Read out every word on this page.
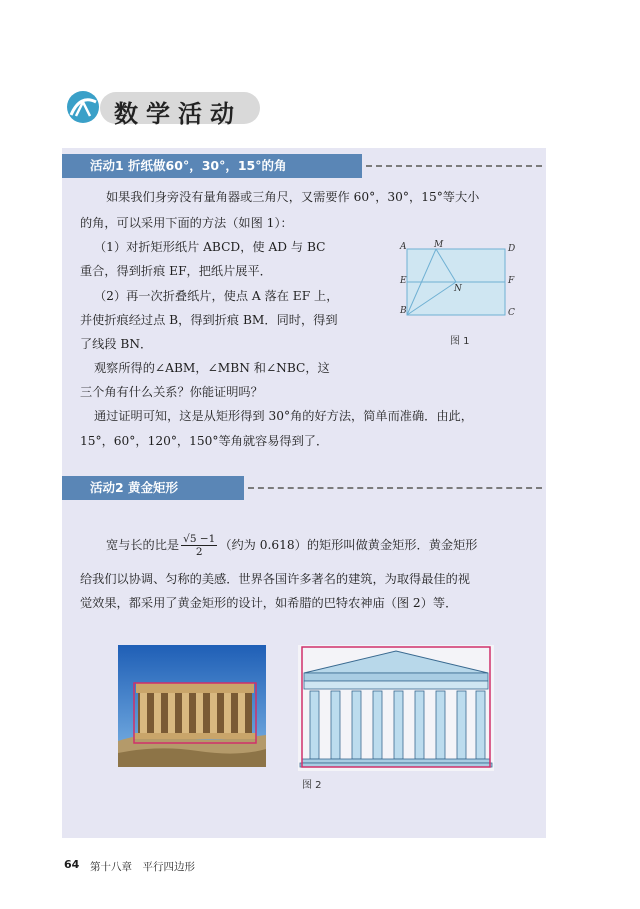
数学活动
活动1 折纸做60°，30°，15°的角
如果我们身旁没有量角器或三角尺，又需要作 60°，30°，15°等大小
的角，可以采用下面的方法（如图 1）：
（1）对折矩形纸片 ABCD，使 AD 与 BC
重合，得到折痕 EF，把纸片展平．
（2）再一次折叠纸片，使点 A 落在 EF 上，
并使折痕经过点 B，得到折痕 BM．同时，得到
了线段 BN．
观察所得的∠ABM，∠MBN 和∠NBC，这
三个角有什么关系？你能证明吗？
通过证明可知，这是从矩形得到 30°角的好方法，简单而准确．由此，
15°，60°，120°，150°等角就容易得到了．
A	M	D
E
N
F
B	C
图 1
活动2 黄金矩形
宽与长的比是 $\frac{√5 -1}{2}$ （约为 0.618）的矩形叫做黄金矩形．黄金矩形
给我们以协调、匀称的美感．世界各国许多著名的建筑，为取得最佳的视
觉效果，都采用了黄金矩形的设计，如希腊的巴特农神庙（图 2）等．
图 2
64 第十八章　平行四边形
